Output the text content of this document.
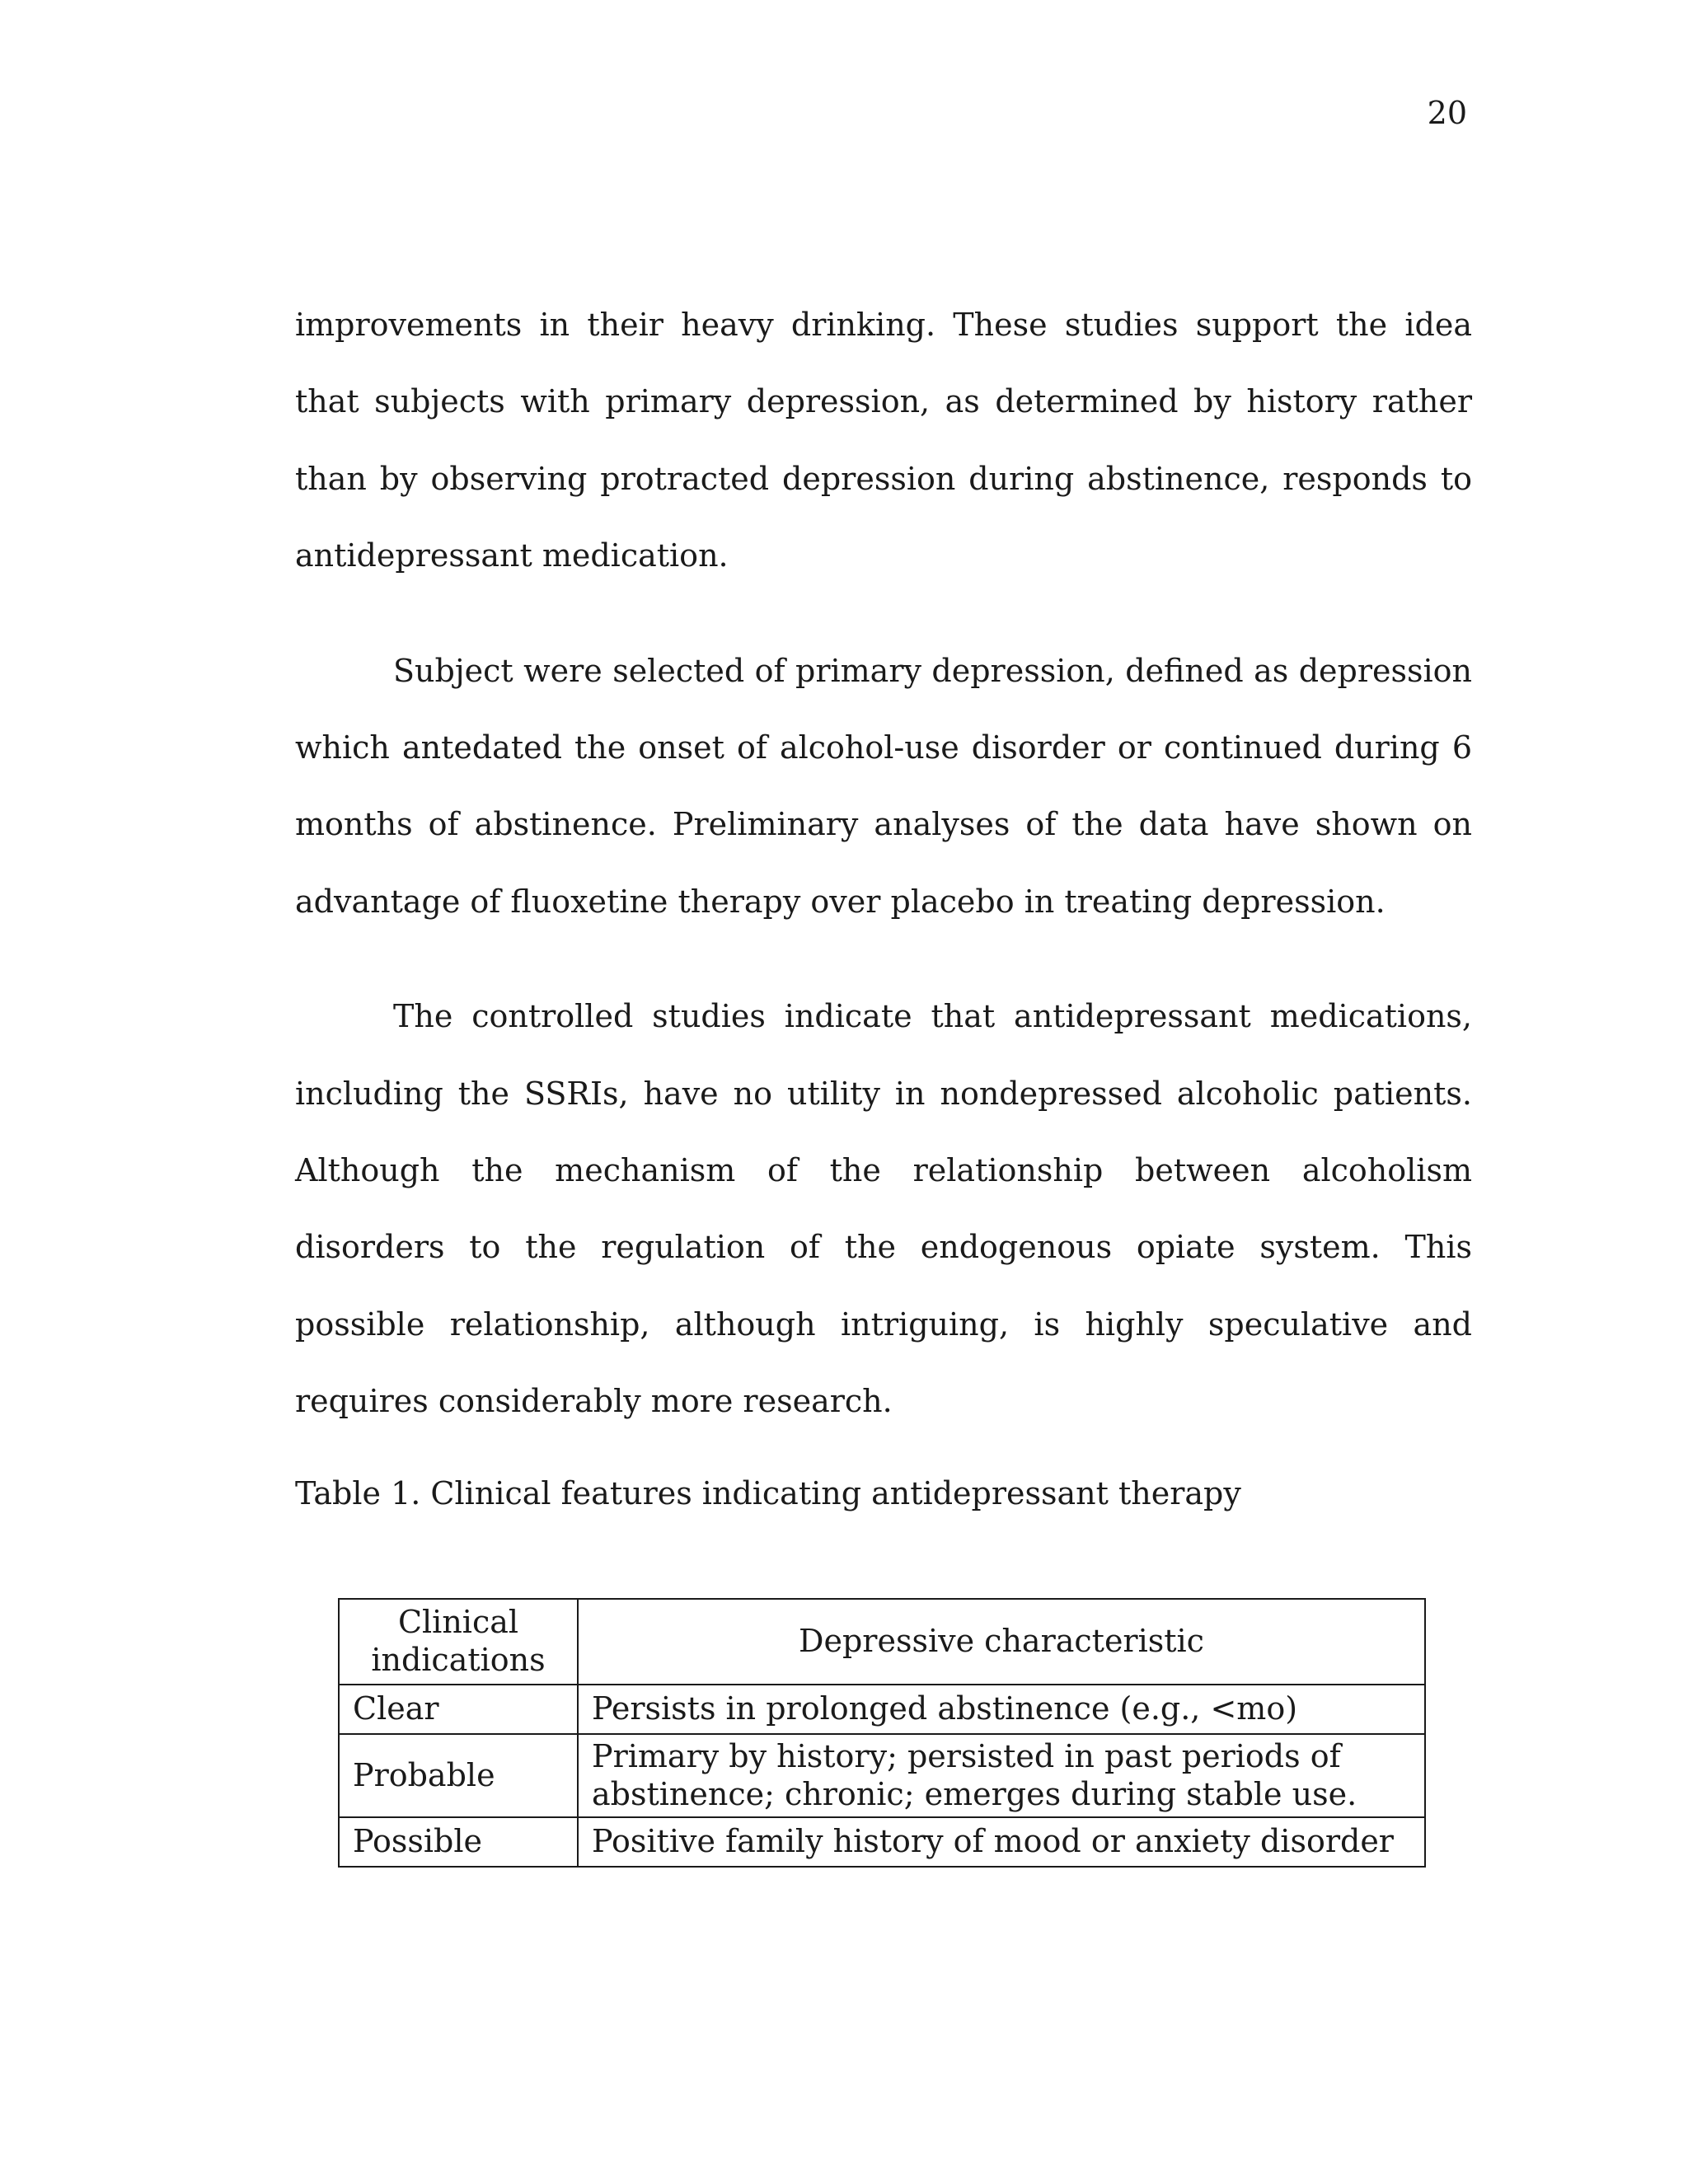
20

improvements in their heavy drinking. These studies support the idea that subjects with primary depression, as determined by history rather than by observing protracted depression during abstinence, responds to antidepressant medication.

Subject were selected of primary depression, defined as depression which antedated the onset of alcohol-use disorder or continued during 6 months of abstinence. Preliminary analyses of the data have shown on advantage of fluoxetine therapy over placebo in treating depression.

The controlled studies indicate that antidepressant medications, including the SSRIs, have no utility in nondepressed alcoholic patients. Although the mechanism of the relationship between alcoholism disorders to the regulation of the endogenous opiate system. This possible relationship, although intriguing, is highly speculative and requires considerably more research.

Table 1. Clinical features indicating antidepressant therapy

Clinical indications	Depressive characteristic
Clear	Persists in prolonged abstinence (e.g., <mo)
Probable	Primary by history; persisted in past periods of abstinence; chronic; emerges during stable use.
Possible	Positive family history of mood or anxiety disorder
